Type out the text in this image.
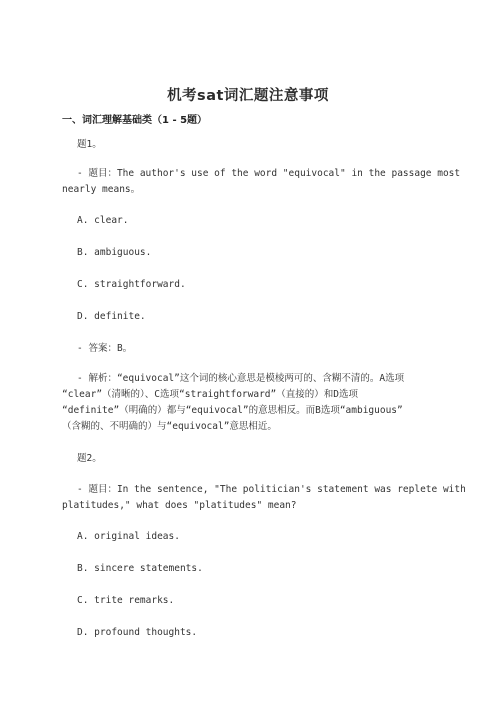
机考sat词汇题注意事项
一、词汇理解基础类（1 - 5题）
题1。
- 题目：The author's use of the word "equivocal" in the passage most
nearly means。
A. clear.
B. ambiguous.
C. straightforward.
D. definite.
- 答案：B。
- 解析：“equivocal”这个词的核心意思是模棱两可的、含糊不清的。A选项
“clear”（清晰的）、C选项“straightforward”（直接的）和D选项
“definite”（明确的）都与“equivocal”的意思相反。而B选项“ambiguous”
（含糊的、不明确的）与“equivocal”意思相近。
题2。
- 题目：In the sentence, "The politician's statement was replete with
platitudes," what does "platitudes" mean?
A. original ideas.
B. sincere statements.
C. trite remarks.
D. profound thoughts.
